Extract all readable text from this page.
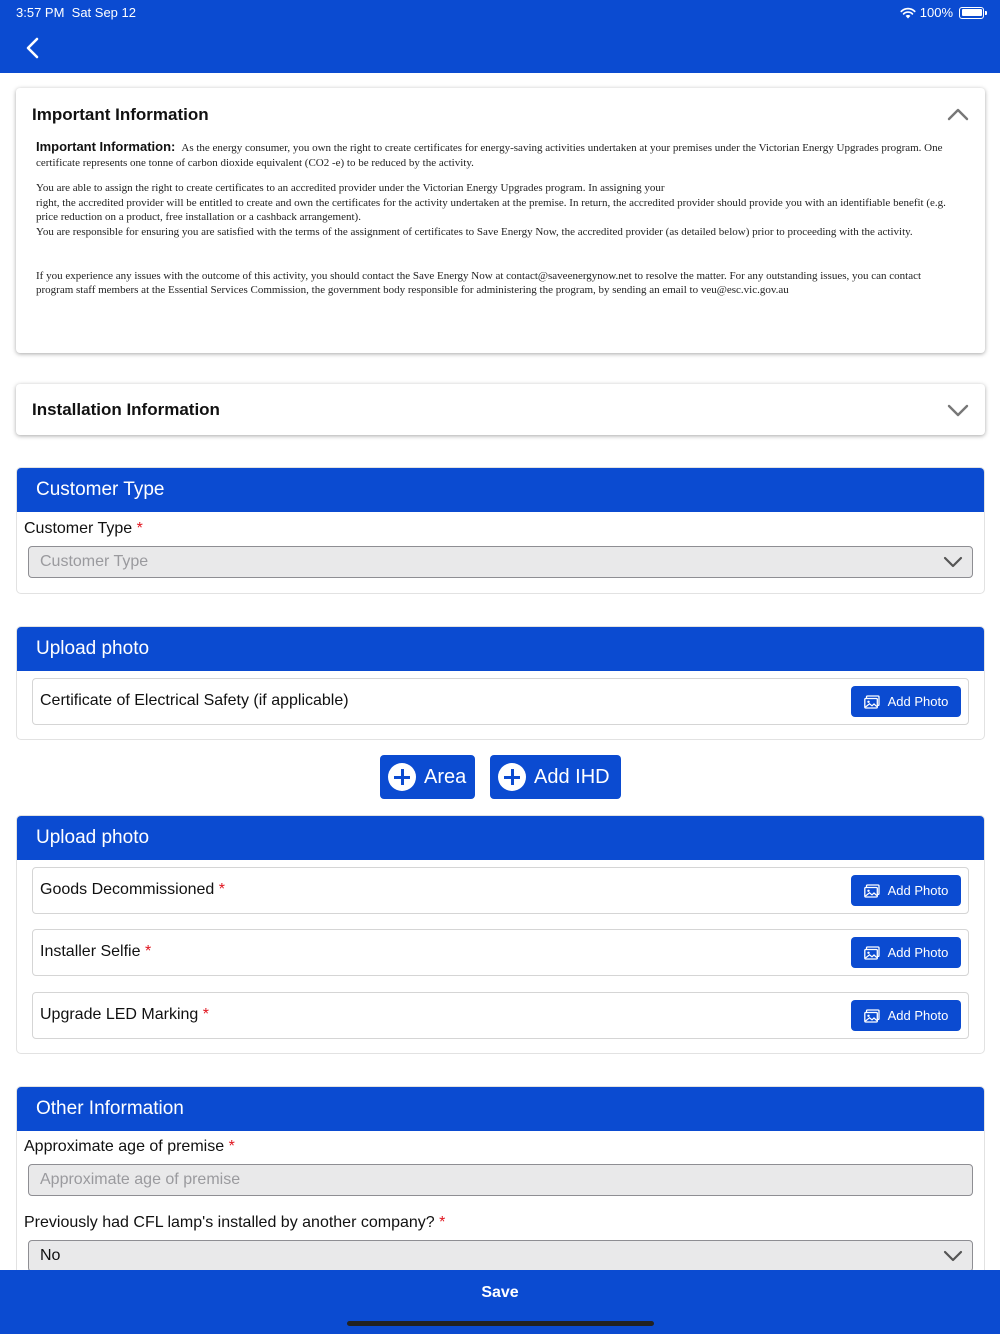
3:57 PM Sat Sep 12	100%
Important Information

Important Information: As the energy consumer, you own the right to create certificates for energy-saving activities undertaken at your premises under the Victorian Energy Upgrades program. One certificate represents one tonne of carbon dioxide equivalent (CO2 -e) to be reduced by the activity.

You are able to assign the right to create certificates to an accredited provider under the Victorian Energy Upgrades program. In assigning your
right, the accredited provider will be entitled to create and own the certificates for the activity undertaken at the premise. In return, the accredited provider should provide you with an identifiable benefit (e.g. price reduction on a product, free installation or a cashback arrangement).
You are responsible for ensuring you are satisfied with the terms of the assignment of certificates to Save Energy Now, the accredited provider (as detailed below) prior to proceeding with the activity.

If you experience any issues with the outcome of this activity, you should contact the Save Energy Now at contact@saveenergynow.net to resolve the matter. For any outstanding issues, you can contact program staff members at the Essential Services Commission, the government body responsible for administering the program, by sending an email to veu@esc.vic.gov.au

Installation Information
Customer Type
Customer Type *
Customer Type
Upload photo
Certificate of Electrical Safety (if applicable)	Add Photo
Area	Add IHD
Upload photo
Goods Decommissioned *	Add Photo
Installer Selfie *	Add Photo
Upgrade LED Marking *	Add Photo
Other Information
Approximate age of premise *
Approximate age of premise
Previously had CFL lamp's installed by another company? *
No
Save
